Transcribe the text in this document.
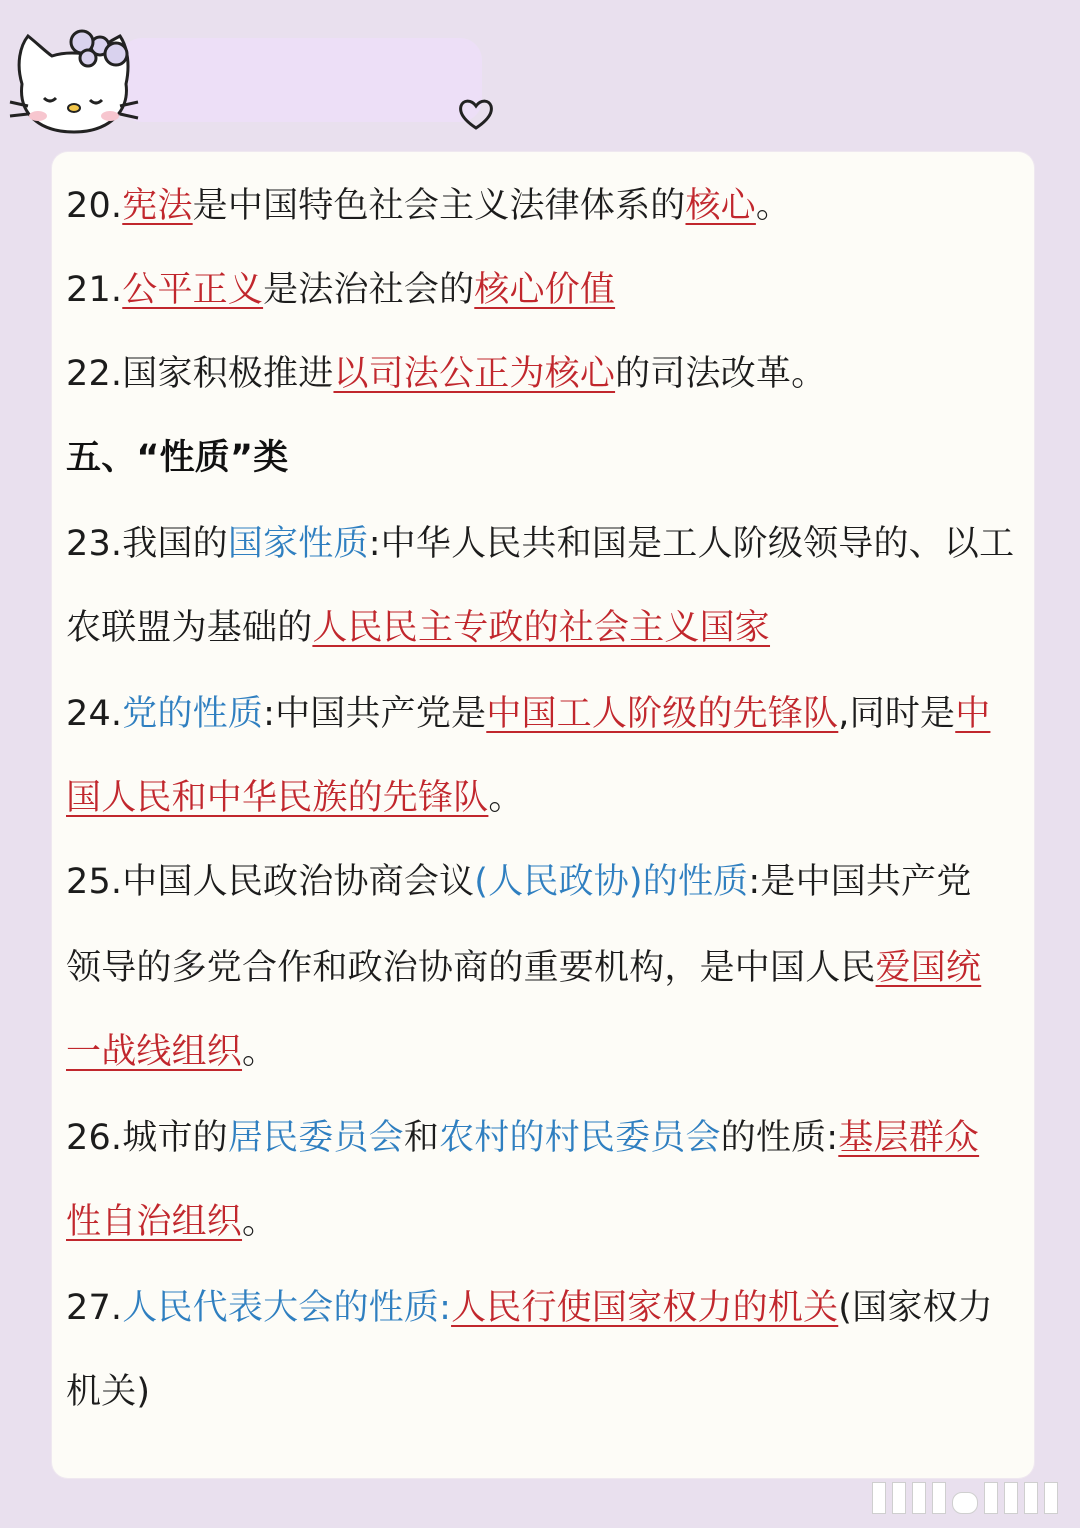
20.宪法是中国特色社会主义法律体系的核心。
21.公平正义是法治社会的核心价值
22.国家积极推进以司法公正为核心的司法改革。
五、“性质”类
23.我国的国家性质:中华人民共和国是工人阶级领导的、以工
农联盟为基础的人民民主专政的社会主义国家
24.党的性质:中国共产党是中国工人阶级的先锋队,同时是中
国人民和中华民族的先锋队。
25.中国人民政治协商会议(人民政协)的性质:是中国共产党
领导的多党合作和政治协商的重要机构，是中国人民爱国统
一战线组织。
26.城市的居民委员会和农村的村民委员会的性质:基层群众
性自治组织。
27.人民代表大会的性质:人民行使国家权力的机关(国家权力
机关)
